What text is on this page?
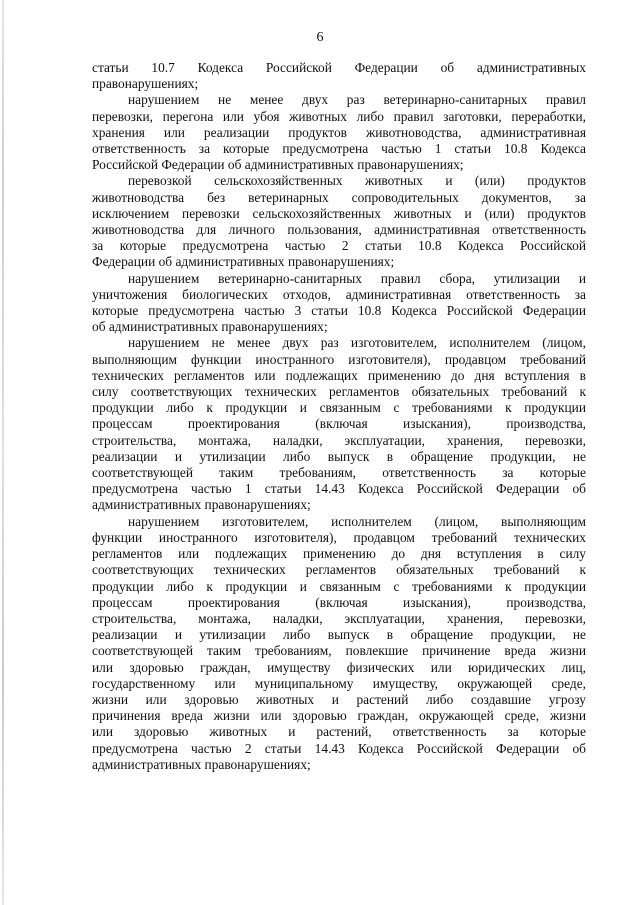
6
статьи 10.7 Кодекса Российской Федерации об административных
правонарушениях;
нарушением не менее двух раз ветеринарно-санитарных правил
перевозки, перегона или убоя животных либо правил заготовки, переработки,
хранения или реализации продуктов животноводства, административная
ответственность за которые предусмотрена частью 1 статьи 10.8 Кодекса
Российской Федерации об административных правонарушениях;
перевозкой сельскохозяйственных животных и (или) продуктов
животноводства без ветеринарных сопроводительных документов, за
исключением перевозки сельскохозяйственных животных и (или) продуктов
животноводства для личного пользования, административная ответственность
за которые предусмотрена частью 2 статьи 10.8 Кодекса Российской
Федерации об административных правонарушениях;
нарушением ветеринарно-санитарных правил сбора, утилизации и
уничтожения биологических отходов, административная ответственность за
которые предусмотрена частью 3 статьи 10.8 Кодекса Российской Федерации
об административных правонарушениях;
нарушением не менее двух раз изготовителем, исполнителем (лицом,
выполняющим функции иностранного изготовителя), продавцом требований
технических регламентов или подлежащих применению до дня вступления в
силу соответствующих технических регламентов обязательных требований к
продукции либо к продукции и связанным с требованиями к продукции
процессам проектирования (включая изыскания), производства,
строительства, монтажа, наладки, эксплуатации, хранения, перевозки,
реализации и утилизации либо выпуск в обращение продукции, не
соответствующей таким требованиям, ответственность за которые
предусмотрена частью 1 статьи 14.43 Кодекса Российской Федерации об
административных правонарушениях;
нарушением изготовителем, исполнителем (лицом, выполняющим
функции иностранного изготовителя), продавцом требований технических
регламентов или подлежащих применению до дня вступления в силу
соответствующих технических регламентов обязательных требований к
продукции либо к продукции и связанным с требованиями к продукции
процессам проектирования (включая изыскания), производства,
строительства, монтажа, наладки, эксплуатации, хранения, перевозки,
реализации и утилизации либо выпуск в обращение продукции, не
соответствующей таким требованиям, повлекшие причинение вреда жизни
или здоровью граждан, имуществу физических или юридических лиц,
государственному или муниципальному имуществу, окружающей среде,
жизни или здоровью животных и растений либо создавшие угрозу
причинения вреда жизни или здоровью граждан, окружающей среде, жизни
или здоровью животных и растений, ответственность за которые
предусмотрена частью 2 статьи 14.43 Кодекса Российской Федерации об
административных правонарушениях;
